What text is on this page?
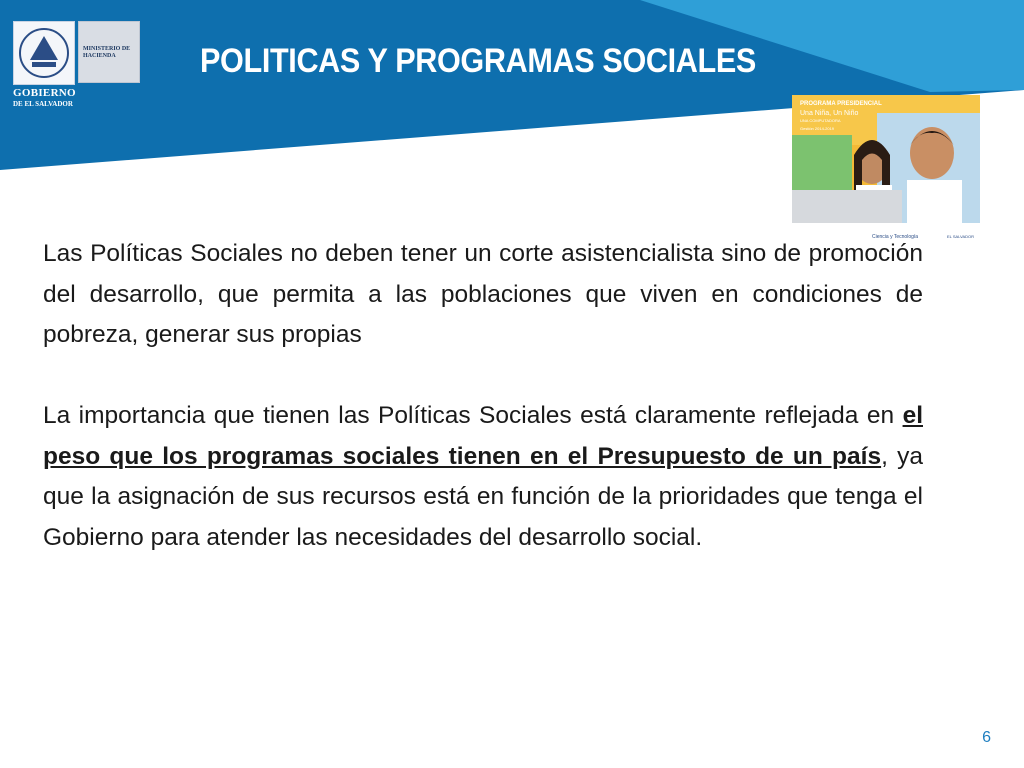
MINISTERIO DE HACIENDA
GOBIERNO
DE EL SALVADOR
POLITICAS Y PROGRAMAS SOCIALES
PROGRAMA PRESIDENCIAL
Una Niña, Un Niño
UNA COMPUTADORA
Gestión 2014-2019
Ciencia y Tecnología	EL SALVADOR

Las Políticas Sociales no deben tener un corte asistencialista sino de promoción del desarrollo, que permita a las poblaciones que viven en condiciones de pobreza, generar sus propias

La importancia que tienen las Políticas Sociales está claramente reflejada en el peso que los programas sociales tienen en el Presupuesto de un país, ya que la asignación de sus recursos está en función de la prioridades que tenga el Gobierno para atender las necesidades del desarrollo social.

6
